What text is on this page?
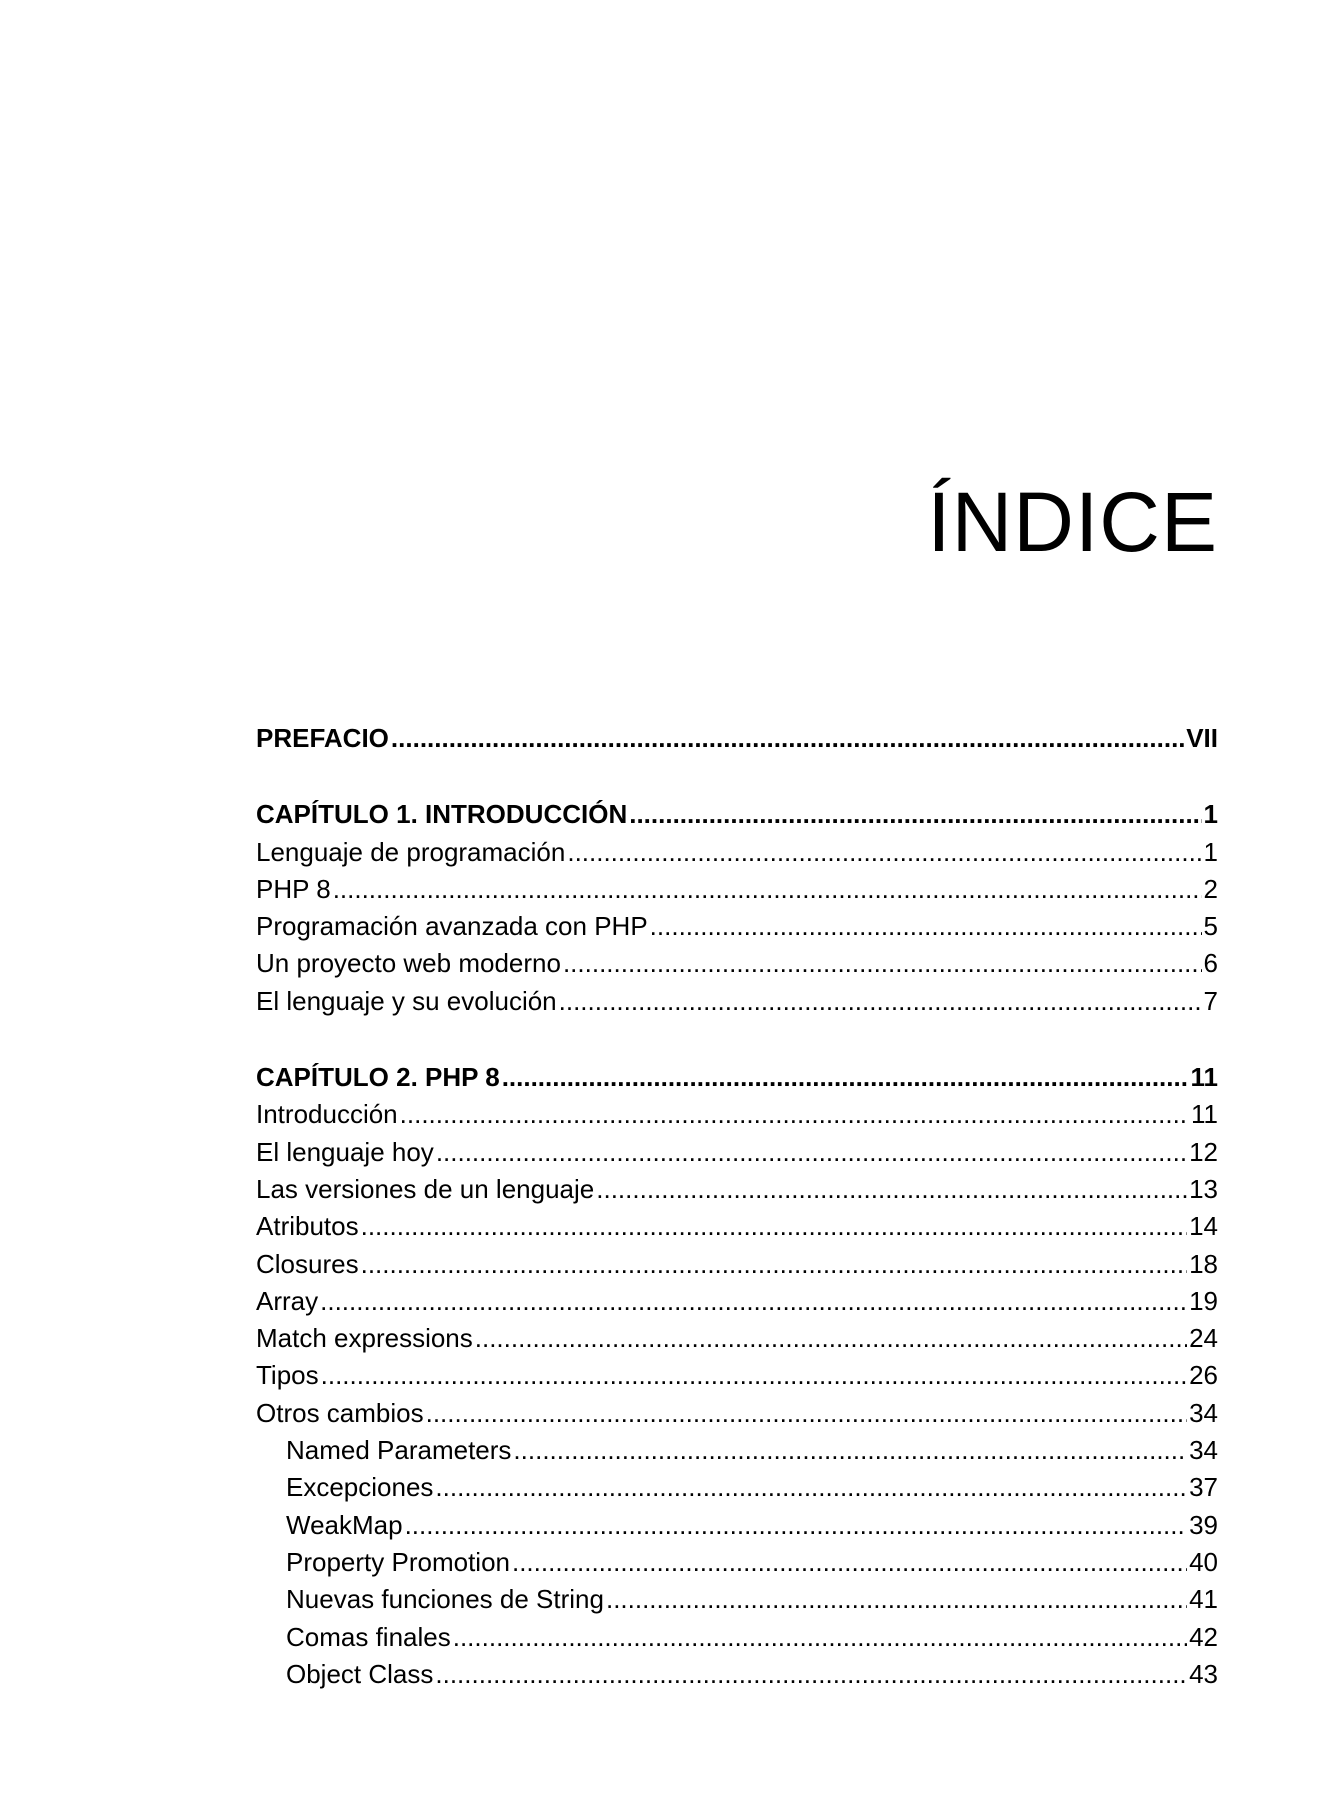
ÍNDICE
PREFACIO .....	VII
CAPÍTULO 1. INTRODUCCIÓN .....	1
Lenguaje de programación .....	1
PHP 8 .....	2
Programación avanzada con PHP .....	5
Un proyecto web moderno .....	6
El lenguaje y su evolución .....	7
CAPÍTULO 2. PHP 8 .....	11
Introducción .....	11
El lenguaje hoy .....	12
Las versiones de un lenguaje .....	13
Atributos .....	14
Closures .....	18
Array .....	19
Match expressions .....	24
Tipos .....	26
Otros cambios .....	34
Named Parameters .....	34
Excepciones .....	37
WeakMap .....	39
Property Promotion .....	40
Nuevas funciones de String .....	41
Comas finales .....	42
Object Class .....	43
